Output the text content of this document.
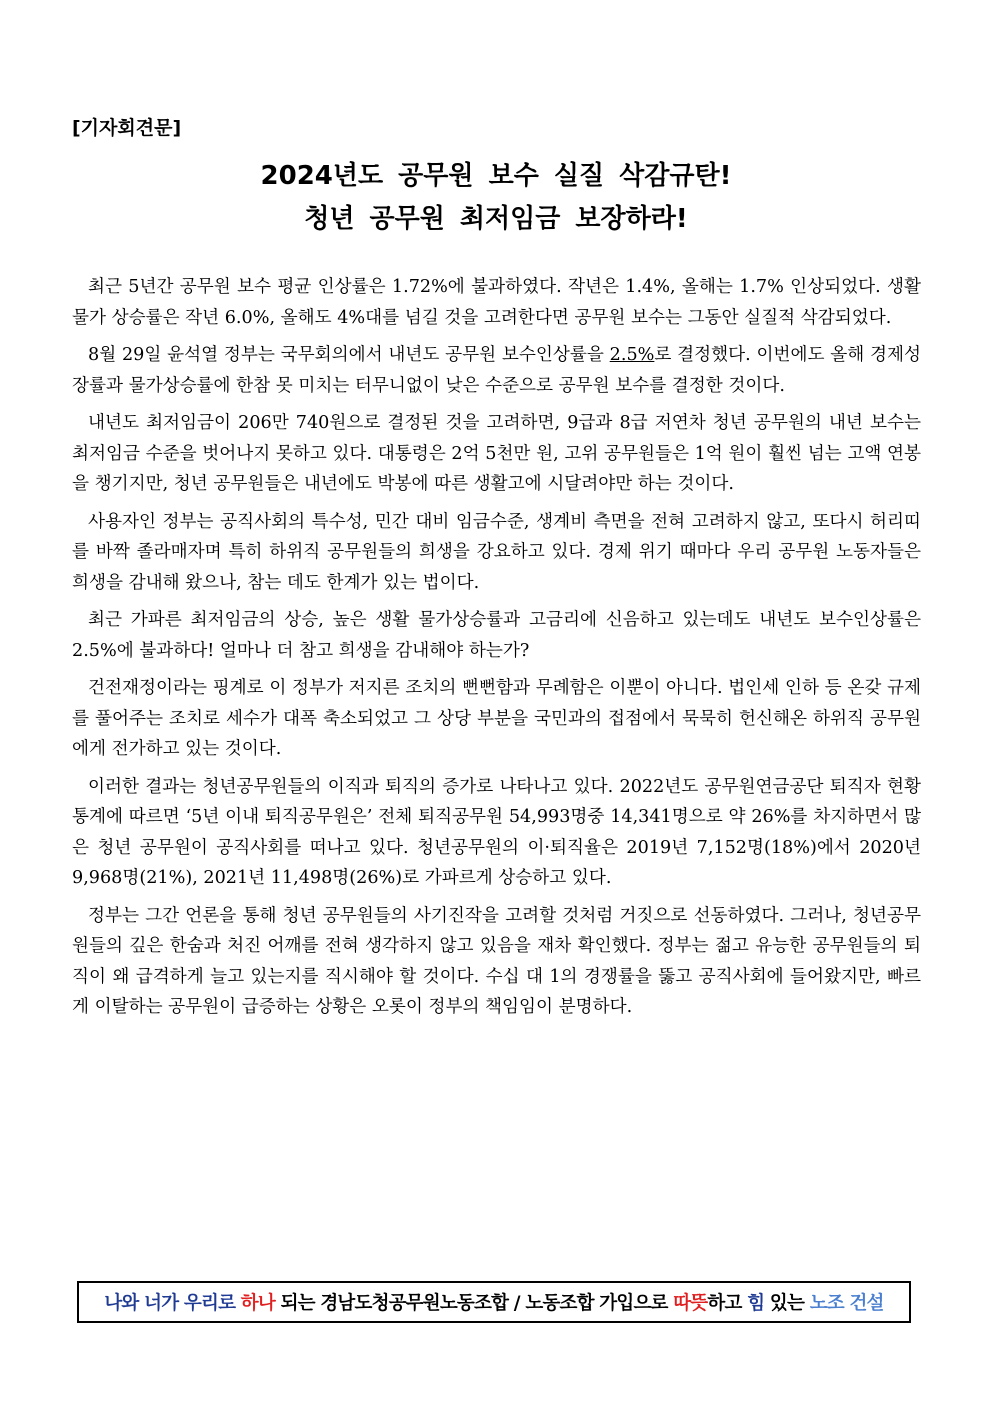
[기자회견문]
2024년도 공무원 보수 실질 삭감규탄!
청년 공무원 최저임금 보장하라!

최근 5년간 공무원 보수 평균 인상률은 1.72%에 불과하였다. 작년은 1.4%, 올해는 1.7% 인상되었다. 생활물가 상승률은 작년 6.0%, 올해도 4%대를 넘길 것을 고려한다면 공무원 보수는 그동안 실질적 삭감되었다.

8월 29일 윤석열 정부는 국무회의에서 내년도 공무원 보수인상률을 2.5%로 결정했다. 이번에도 올해 경제성장률과 물가상승률에 한참 못 미치는 터무니없이 낮은 수준으로 공무원 보수를 결정한 것이다.

내년도 최저임금이 206만 740원으로 결정된 것을 고려하면, 9급과 8급 저연차 청년 공무원의 내년 보수는 최저임금 수준을 벗어나지 못하고 있다. 대통령은 2억 5천만 원, 고위 공무원들은 1억 원이 훨씬 넘는 고액 연봉을 챙기지만, 청년 공무원들은 내년에도 박봉에 따른 생활고에 시달려야만 하는 것이다.

사용자인 정부는 공직사회의 특수성, 민간 대비 임금수준, 생계비 측면을 전혀 고려하지 않고, 또다시 허리띠를 바짝 졸라매자며 특히 하위직 공무원들의 희생을 강요하고 있다. 경제 위기 때마다 우리 공무원 노동자들은 희생을 감내해 왔으나, 참는 데도 한계가 있는 법이다.

최근 가파른 최저임금의 상승, 높은 생활 물가상승률과 고금리에 신음하고 있는데도 내년도 보수인상률은 2.5%에 불과하다! 얼마나 더 참고 희생을 감내해야 하는가?

건전재정이라는 핑계로 이 정부가 저지른 조치의 뻔뻔함과 무례함은 이뿐이 아니다. 법인세 인하 등 온갖 규제를 풀어주는 조치로 세수가 대폭 축소되었고 그 상당 부분을 국민과의 접점에서 묵묵히 헌신해온 하위직 공무원에게 전가하고 있는 것이다.

이러한 결과는 청년공무원들의 이직과 퇴직의 증가로 나타나고 있다. 2022년도 공무원연금공단 퇴직자 현황통계에 따르면 ‘5년 이내 퇴직공무원은’ 전체 퇴직공무원 54,993명중 14,341명으로 약 26%를 차지하면서 많은 청년 공무원이 공직사회를 떠나고 있다. 청년공무원의 이·퇴직율은 2019년 7,152명(18%)에서 2020년 9,968명(21%), 2021년 11,498명(26%)로 가파르게 상승하고 있다.

정부는 그간 언론을 통해 청년 공무원들의 사기진작을 고려할 것처럼 거짓으로 선동하였다. 그러나, 청년공무원들의 깊은 한숨과 처진 어깨를 전혀 생각하지 않고 있음을 재차 확인했다. 정부는 젊고 유능한 공무원들의 퇴직이 왜 급격하게 늘고 있는지를 직시해야 할 것이다. 수십 대 1의 경쟁률을 뚫고 공직사회에 들어왔지만, 빠르게 이탈하는 공무원이 급증하는 상황은 오롯이 정부의 책임임이 분명하다.

나와 너가 우리로 하나 되는 경남도청공무원노동조합 / 노동조합 가입으로 따뜻 하고 힘 있는 노조 건설
